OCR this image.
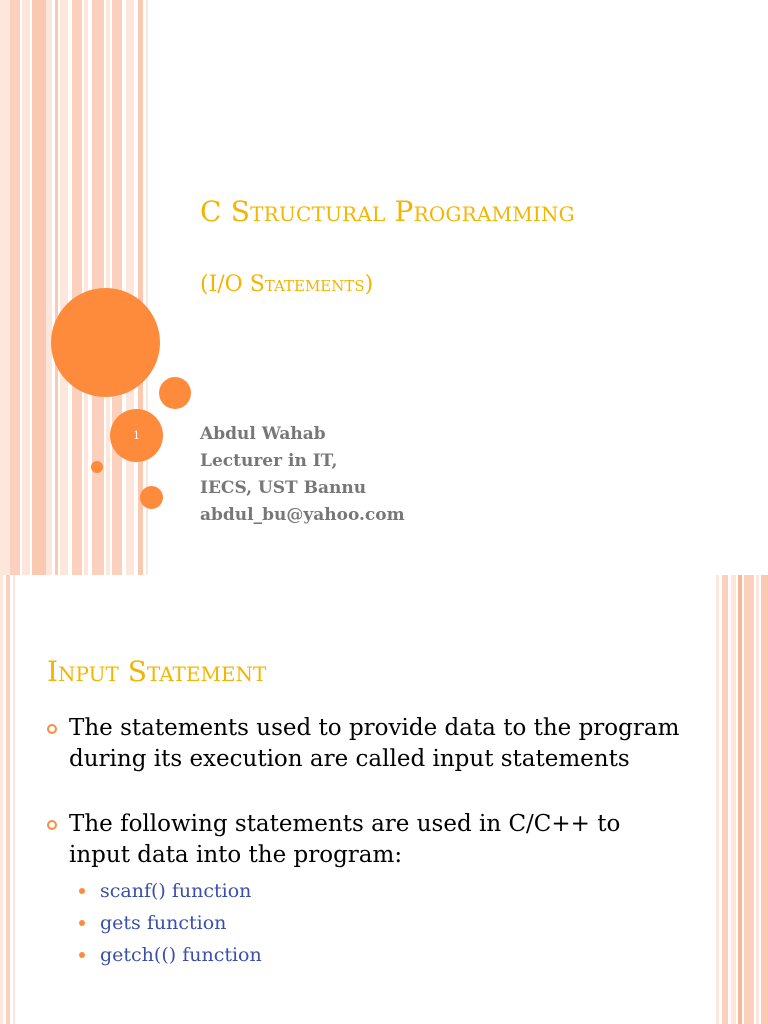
1
C Structural Programming
(I/O Statements)
Abdul Wahab
Lecturer in IT,
IECS, UST Bannu
abdul_bu@yahoo.com
Input Statement
The statements used to provide data to the program during its execution are called input statements
The following statements are used in C/C++ to input data into the program:
scanf() function
gets function
getch(() function
